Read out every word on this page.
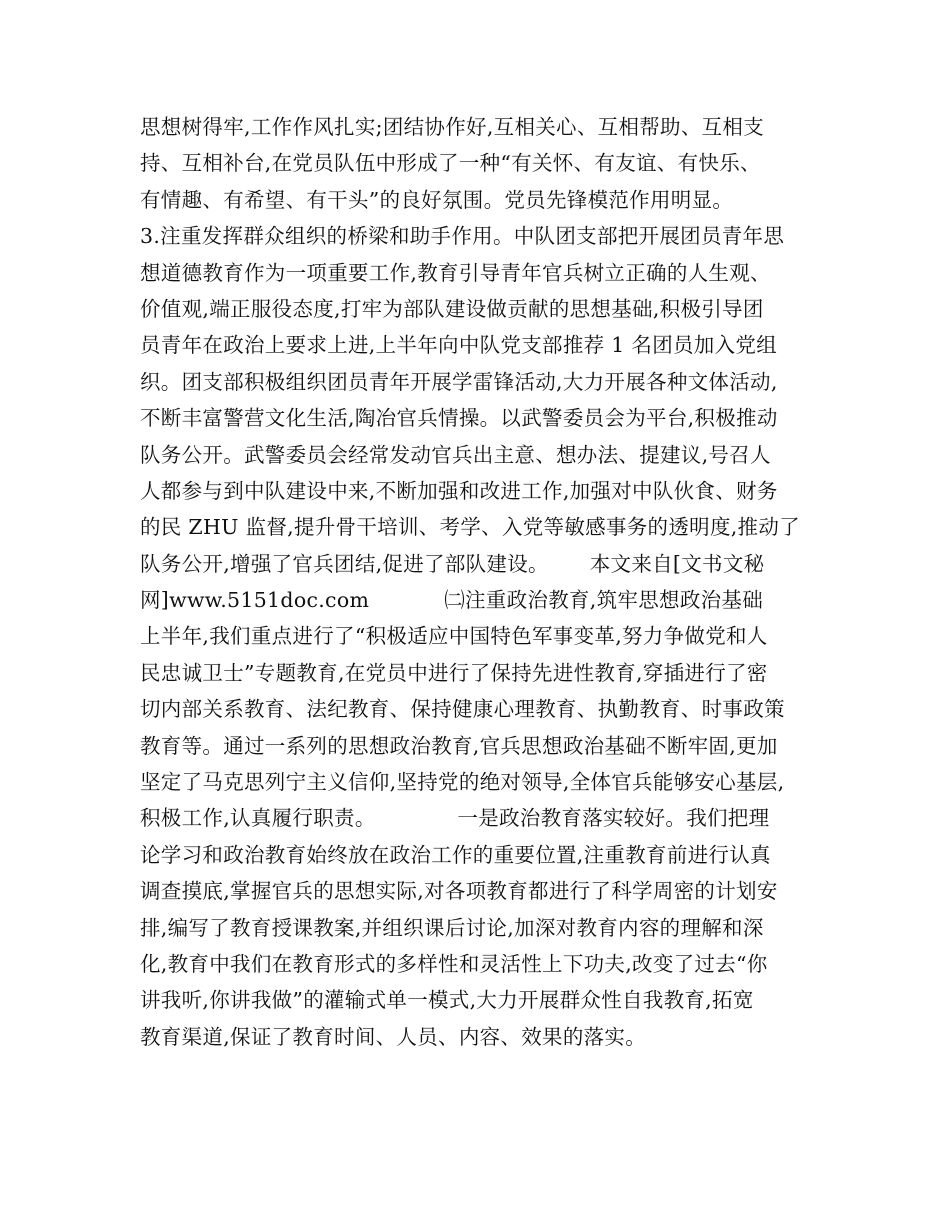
思想树得牢,工作作风扎实;团结协作好,互相关心、互相帮助、互相支
持、互相补台,在党员队伍中形成了一种“有关怀、有友谊、有快乐、
有情趣、有希望、有干头”的良好氛围。党员先锋模范作用明显。
3.注重发挥群众组织的桥梁和助手作用。中队团支部把开展团员青年思
想道德教育作为一项重要工作,教育引导青年官兵树立正确的人生观、
价值观,端正服役态度,打牢为部队建设做贡献的思想基础,积极引导团
员青年在政治上要求上进,上半年向中队党支部推荐 1 名团员加入党组
织。团支部积极组织团员青年开展学雷锋活动,大力开展各种文体活动,
不断丰富警营文化生活,陶冶官兵情操。以武警委员会为平台,积极推动
队务公开。武警委员会经常发动官兵出主意、想办法、提建议,号召人
人都参与到中队建设中来,不断加强和改进工作,加强对中队伙食、财务
的民 ZHU 监督,提升骨干培训、考学、入党等敏感事务的透明度,推动了
队务公开,增强了官兵团结,促进了部队建设。      本文来自[文书文秘
网]www.5151doc.com           ㈡注重政治教育,筑牢思想政治基础
上半年,我们重点进行了“积极适应中国特色军事变革,努力争做党和人
民忠诚卫士”专题教育,在党员中进行了保持先进性教育,穿插进行了密
切内部关系教育、法纪教育、保持健康心理教育、执勤教育、时事政策
教育等。通过一系列的思想政治教育,官兵思想政治基础不断牢固,更加
坚定了马克思列宁主义信仰,坚持党的绝对领导,全体官兵能够安心基层,
积极工作,认真履行职责。            一是政治教育落实较好。我们把理
论学习和政治教育始终放在政治工作的重要位置,注重教育前进行认真
调查摸底,掌握官兵的思想实际,对各项教育都进行了科学周密的计划安
排,编写了教育授课教案,并组织课后讨论,加深对教育内容的理解和深
化,教育中我们在教育形式的多样性和灵活性上下功夫,改变了过去“你
讲我听,你讲我做”的灌输式单一模式,大力开展群众性自我教育,拓宽
教育渠道,保证了教育时间、人员、内容、效果的落实。
